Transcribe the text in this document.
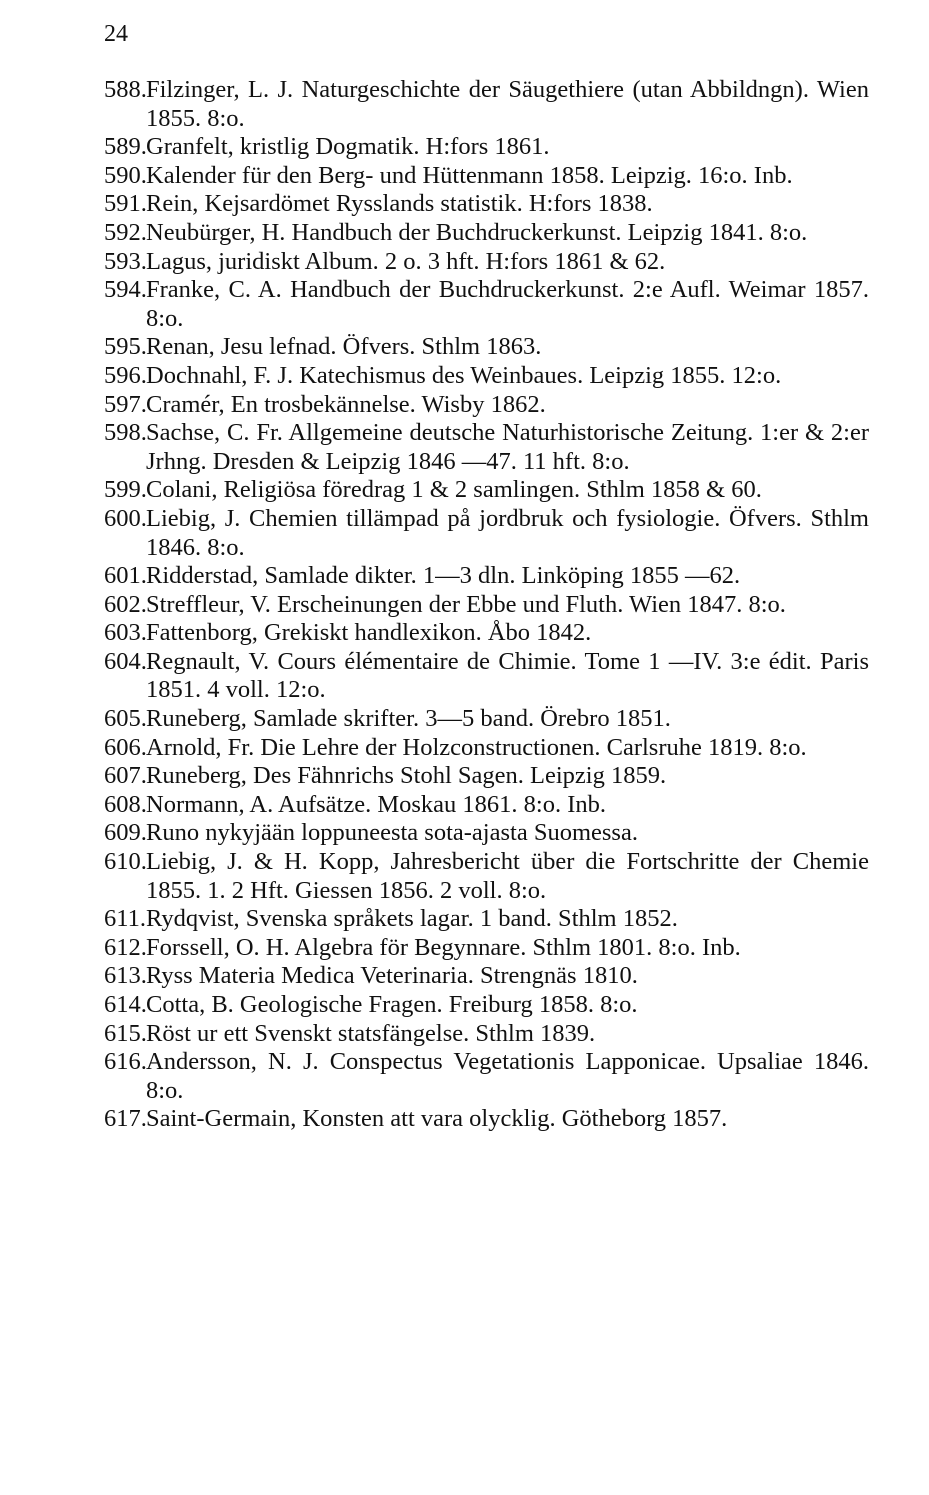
24
588. Filzinger, L. J. Naturgeschichte der Säugethiere (utan Abbildngn). Wien 1855. 8:o.
589. Granfelt, kristlig Dogmatik. H:fors 1861.
590. Kalender für den Berg- und Hüttenmann 1858. Leipzig. 16:o. Inb.
591. Rein, Kejsardömet Rysslands statistik. H:fors 1838.
592. Neubürger, H. Handbuch der Buchdruckerkunst. Leipzig 1841. 8:o.
593. Lagus, juridiskt Album. 2 o. 3 hft. H:fors 1861 & 62.
594. Franke, C. A. Handbuch der Buchdruckerkunst. 2:e Aufl. Weimar 1857. 8:o.
595. Renan, Jesu lefnad. Öfvers. Sthlm 1863.
596. Dochnahl, F. J. Katechismus des Weinbaues. Leipzig 1855. 12:o.
597. Cramér, En trosbekännelse. Wisby 1862.
598. Sachse, C. Fr. Allgemeine deutsche Naturhistorische Zeitung. 1:er & 2:er Jrhng. Dresden & Leipzig 1846 —47. 11 hft. 8:o.
599. Colani, Religiösa föredrag 1 & 2 samlingen. Sthlm 1858 & 60.
600. Liebig, J. Chemien tillämpad på jordbruk och fysiologie. Öfvers. Sthlm 1846. 8:o.
601. Ridderstad, Samlade dikter. 1—3 dln. Linköping 1855 —62.
602. Streffleur, V. Erscheinungen der Ebbe und Fluth. Wien 1847. 8:o.
603. Fattenborg, Grekiskt handlexikon. Åbo 1842.
604. Regnault, V. Cours élémentaire de Chimie. Tome 1 —IV. 3:e édit. Paris 1851. 4 voll. 12:o.
605. Runeberg, Samlade skrifter. 3—5 band. Örebro 1851.
606. Arnold, Fr. Die Lehre der Holzconstructionen. Carlsruhe 1819. 8:o.
607. Runeberg, Des Fähnrichs Stohl Sagen. Leipzig 1859.
608. Normann, A. Aufsätze. Moskau 1861. 8:o. Inb.
609. Runo nykyjään loppuneesta sota-ajasta Suomessa.
610. Liebig, J. & H. Kopp, Jahresbericht über die Fortschritte der Chemie 1855. 1. 2 Hft. Giessen 1856. 2 voll. 8:o.
611. Rydqvist, Svenska språkets lagar. 1 band. Sthlm 1852.
612. Forssell, O. H. Algebra för Begynnare. Sthlm 1801. 8:o. Inb.
613. Ryss Materia Medica Veterinaria. Strengnäs 1810.
614. Cotta, B. Geologische Fragen. Freiburg 1858. 8:o.
615. Röst ur ett Svenskt statsfängelse. Sthlm 1839.
616. Andersson, N. J. Conspectus Vegetationis Lapponicae. Upsaliae 1846. 8:o.
617. Saint-Germain, Konsten att vara olycklig. Götheborg 1857.
